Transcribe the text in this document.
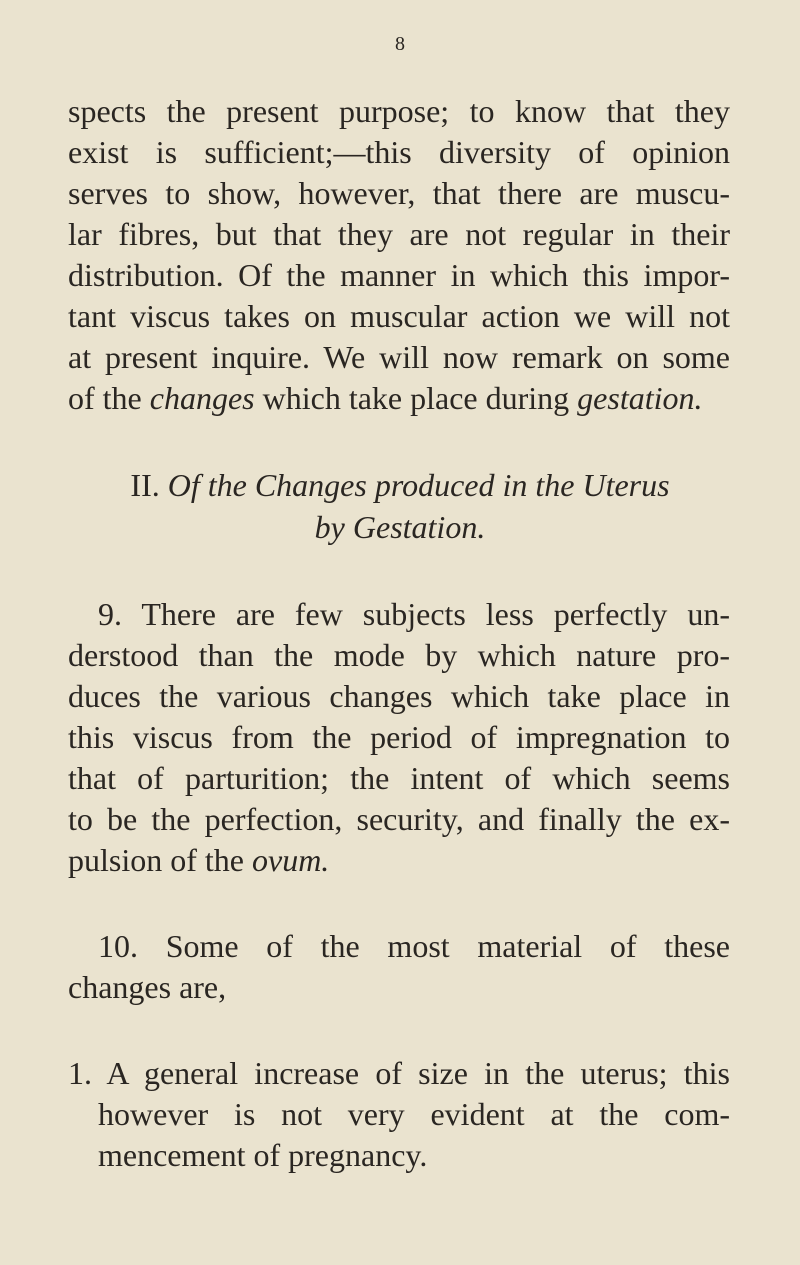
8
spects the present purpose; to know that they
exist is sufficient;—this diversity of opinion
serves to show, however, that there are muscu-
lar fibres, but that they are not regular in their
distribution. Of the manner in which this impor-
tant viscus takes on muscular action we will not
at present inquire. We will now remark on some
of the changes which take place during gestation.
II. Of the Changes produced in the Uterus
by Gestation.
9. There are few subjects less perfectly un-
derstood than the mode by which nature pro-
duces the various changes which take place in
this viscus from the period of impregnation to
that of parturition; the intent of which seems
to be the perfection, security, and finally the ex-
pulsion of the ovum.
10. Some of the most material of these
changes are,
1. A general increase of size in the uterus; this
however is not very evident at the com-
mencement of pregnancy.
